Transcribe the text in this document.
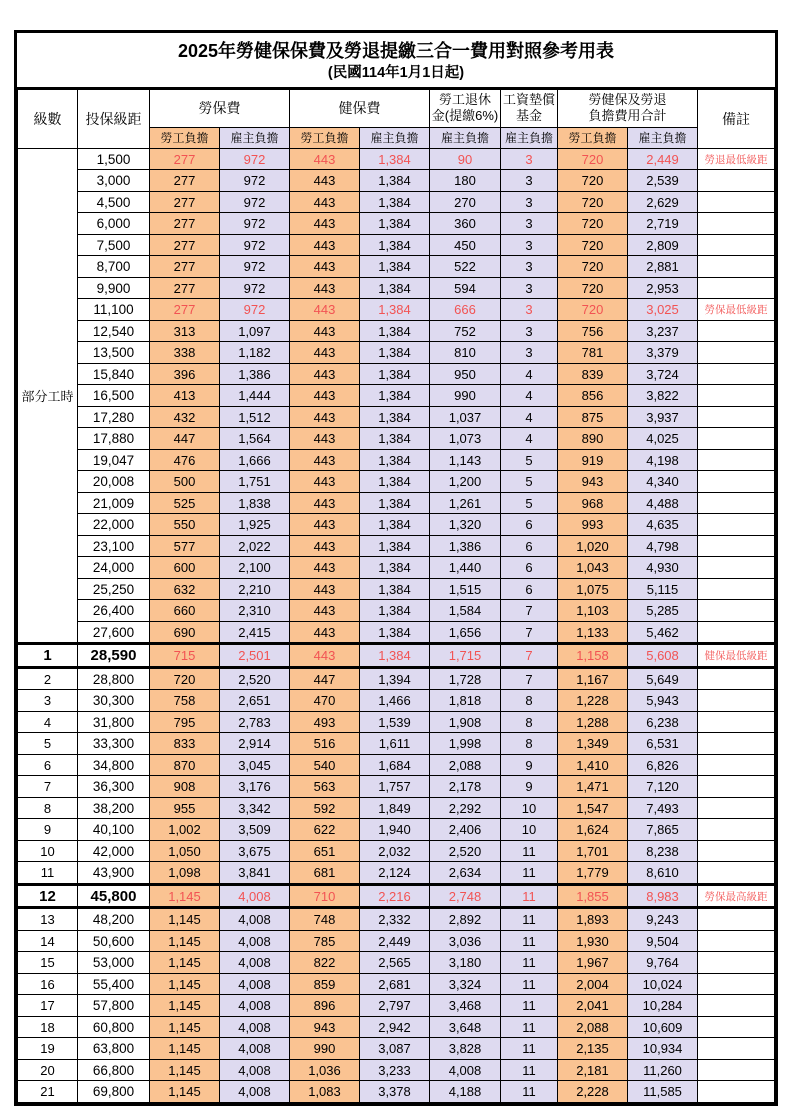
2025年勞健保保費及勞退提繳三合一費用對照參考用表
(民國114年1月1日起)
級數	投保級距	勞保費		健保費		勞工退休
金(提繳6%)	工資墊償
基金	勞健保及勞退
負擔費用合計		備註
		勞工負擔	雇主負擔	勞工負擔	雇主負擔	雇主負擔	雇主負擔	勞工負擔	雇主負擔	
部分工時	1,500	277	972	443	1,384	90	3	720	2,449	勞退最低級距
	3,000	277	972	443	1,384	180	3	720	2,539	
	4,500	277	972	443	1,384	270	3	720	2,629	
	6,000	277	972	443	1,384	360	3	720	2,719	
	7,500	277	972	443	1,384	450	3	720	2,809	
	8,700	277	972	443	1,384	522	3	720	2,881	
	9,900	277	972	443	1,384	594	3	720	2,953	
	11,100	277	972	443	1,384	666	3	720	3,025	勞保最低級距
	12,540	313	1,097	443	1,384	752	3	756	3,237	
	13,500	338	1,182	443	1,384	810	3	781	3,379	
	15,840	396	1,386	443	1,384	950	4	839	3,724	
	16,500	413	1,444	443	1,384	990	4	856	3,822	
	17,280	432	1,512	443	1,384	1,037	4	875	3,937	
	17,880	447	1,564	443	1,384	1,073	4	890	4,025	
	19,047	476	1,666	443	1,384	1,143	5	919	4,198	
	20,008	500	1,751	443	1,384	1,200	5	943	4,340	
	21,009	525	1,838	443	1,384	1,261	5	968	4,488	
	22,000	550	1,925	443	1,384	1,320	6	993	4,635	
	23,100	577	2,022	443	1,384	1,386	6	1,020	4,798	
	24,000	600	2,100	443	1,384	1,440	6	1,043	4,930	
	25,250	632	2,210	443	1,384	1,515	6	1,075	5,115	
	26,400	660	2,310	443	1,384	1,584	7	1,103	5,285	
	27,600	690	2,415	443	1,384	1,656	7	1,133	5,462	
1	28,590	715	2,501	443	1,384	1,715	7	1,158	5,608	健保最低級距
2	28,800	720	2,520	447	1,394	1,728	7	1,167	5,649	
3	30,300	758	2,651	470	1,466	1,818	8	1,228	5,943	
4	31,800	795	2,783	493	1,539	1,908	8	1,288	6,238	
5	33,300	833	2,914	516	1,611	1,998	8	1,349	6,531	
6	34,800	870	3,045	540	1,684	2,088	9	1,410	6,826	
7	36,300	908	3,176	563	1,757	2,178	9	1,471	7,120	
8	38,200	955	3,342	592	1,849	2,292	10	1,547	7,493	
9	40,100	1,002	3,509	622	1,940	2,406	10	1,624	7,865	
10	42,000	1,050	3,675	651	2,032	2,520	11	1,701	8,238	
11	43,900	1,098	3,841	681	2,124	2,634	11	1,779	8,610	
12	45,800	1,145	4,008	710	2,216	2,748	11	1,855	8,983	勞保最高級距
13	48,200	1,145	4,008	748	2,332	2,892	11	1,893	9,243	
14	50,600	1,145	4,008	785	2,449	3,036	11	1,930	9,504	
15	53,000	1,145	4,008	822	2,565	3,180	11	1,967	9,764	
16	55,400	1,145	4,008	859	2,681	3,324	11	2,004	10,024	
17	57,800	1,145	4,008	896	2,797	3,468	11	2,041	10,284	
18	60,800	1,145	4,008	943	2,942	3,648	11	2,088	10,609	
19	63,800	1,145	4,008	990	3,087	3,828	11	2,135	10,934	
20	66,800	1,145	4,008	1,036	3,233	4,008	11	2,181	11,260	
21	69,800	1,145	4,008	1,083	3,378	4,188	11	2,228	11,585	
